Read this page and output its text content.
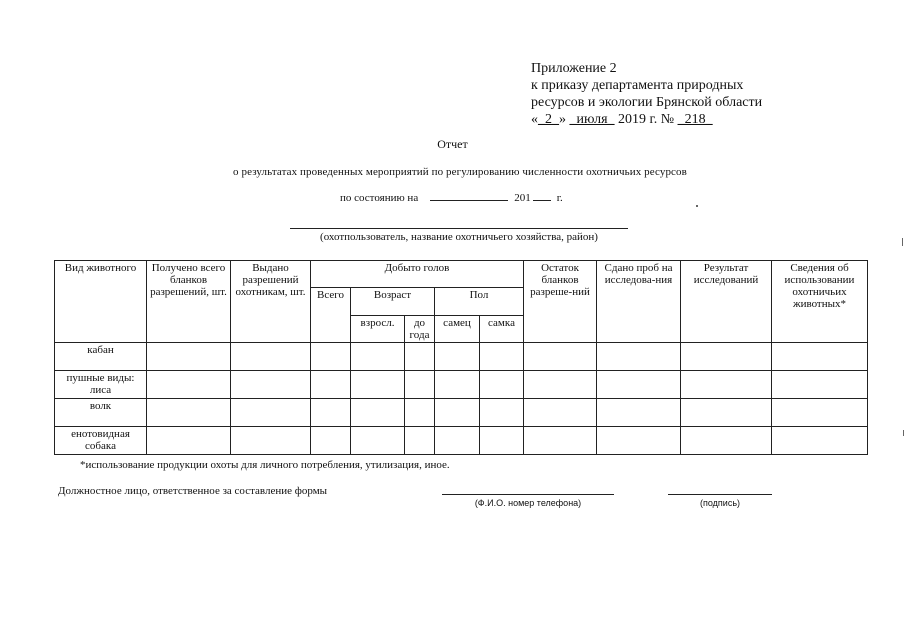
Приложение 2
к приказу департамента природных
ресурсов и экологии Брянской области
«_2_» _июля_ 2019 г. № _218_
Отчет
о результатах проведенных мероприятий по регулированию численности охотничьих ресурсов
по состоянию на	201 г.
(охотпользователь, название охотничьего хозяйства, район)
Вид животного	Получено всего бланков разрешений, шт.	Выдано разрешений охотникам, шт.	Добыто голов					Остаток бланков разреше-ний	Сдано проб на исследова-ния	Результат исследований	Сведения об использовании охотничьих животных*
			Всего	Возраст		Пол					
				взросл.	до года	самец	самка				
кабан											
пушные виды: лиса											
волк											
енотовидная собака											
*использование продукции охоты для личного потребления, утилизация, иное.
Должностное лицо, ответственное за составление формы
(Ф.И.О. номер телефона)	(подпись)
